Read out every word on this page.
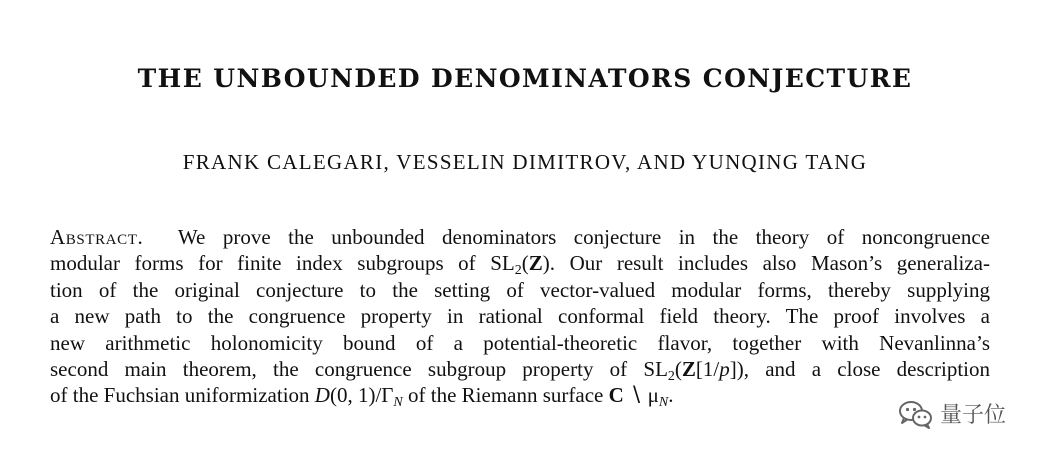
THE UNBOUNDED DENOMINATORS CONJECTURE
FRANK CALEGARI, VESSELIN DIMITROV, AND YUNQING TANG
Abstract. We prove the unbounded denominators conjecture in the theory of noncongruence
modular forms for finite index subgroups of $SL_2(Z)$. Our result includes also Mason’s generaliza-
tion of the original conjecture to the setting of vector-valued modular forms, thereby supplying
a new path to the congruence property in rational conformal field theory. The proof involves a
new arithmetic holonomicity bound of a potential-theoretic flavor, together with Nevanlinna’s
second main theorem, the congruence subgroup property of $SL_2(Z[1/p])$, and a close description
of the Fuchsian uniformization D(0, $1)/\Gamma_N$ of the Riemann surface C ∖ $\mu_N$.
量子位
